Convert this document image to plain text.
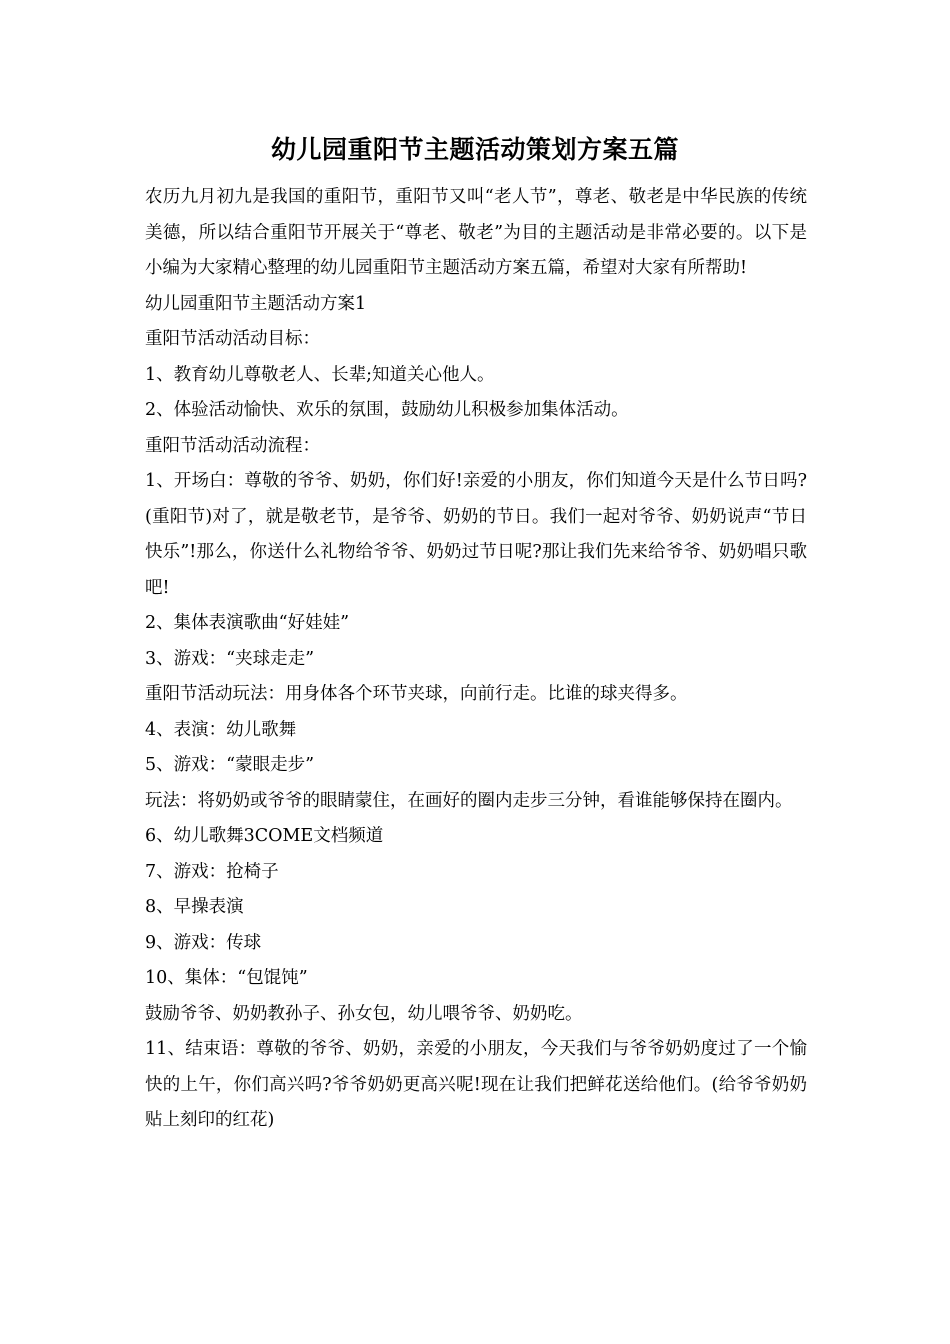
幼儿园重阳节主题活动策划方案五篇

农历九月初九是我国的重阳节，重阳节又叫“老人节”，尊老、敬老是中华民族的传统美德，所以结合重阳节开展关于“尊老、敬老”为目的主题活动是非常必要的。以下是小编为大家精心整理的幼儿园重阳节主题活动方案五篇，希望对大家有所帮助!

幼儿园重阳节主题活动方案1

重阳节活动活动目标：

1、教育幼儿尊敬老人、长辈;知道关心他人。

2、体验活动愉快、欢乐的氛围，鼓励幼儿积极参加集体活动。

重阳节活动活动流程：

1、开场白：尊敬的爷爷、奶奶，你们好!亲爱的小朋友，你们知道今天是什么节日吗?(重阳节)对了，就是敬老节，是爷爷、奶奶的节日。我们一起对爷爷、奶奶说声“节日快乐”!那么，你送什么礼物给爷爷、奶奶过节日呢?那让我们先来给爷爷、奶奶唱只歌吧!

2、集体表演歌曲“好娃娃”

3、游戏：“夹球走走”

重阳节活动玩法：用身体各个环节夹球，向前行走。比谁的球夹得多。

4、表演：幼儿歌舞

5、游戏：“蒙眼走步”

玩法：将奶奶或爷爷的眼睛蒙住，在画好的圈内走步三分钟，看谁能够保持在圈内。

6、幼儿歌舞3COME文档频道

7、游戏：抢椅子

8、早操表演

9、游戏：传球

10、集体：“包馄饨”

鼓励爷爷、奶奶教孙子、孙女包，幼儿喂爷爷、奶奶吃。

11、结束语：尊敬的爷爷、奶奶，亲爱的小朋友，今天我们与爷爷奶奶度过了一个愉快的上午，你们高兴吗?爷爷奶奶更高兴呢!现在让我们把鲜花送给他们。(给爷爷奶奶贴上刻印的红花)
